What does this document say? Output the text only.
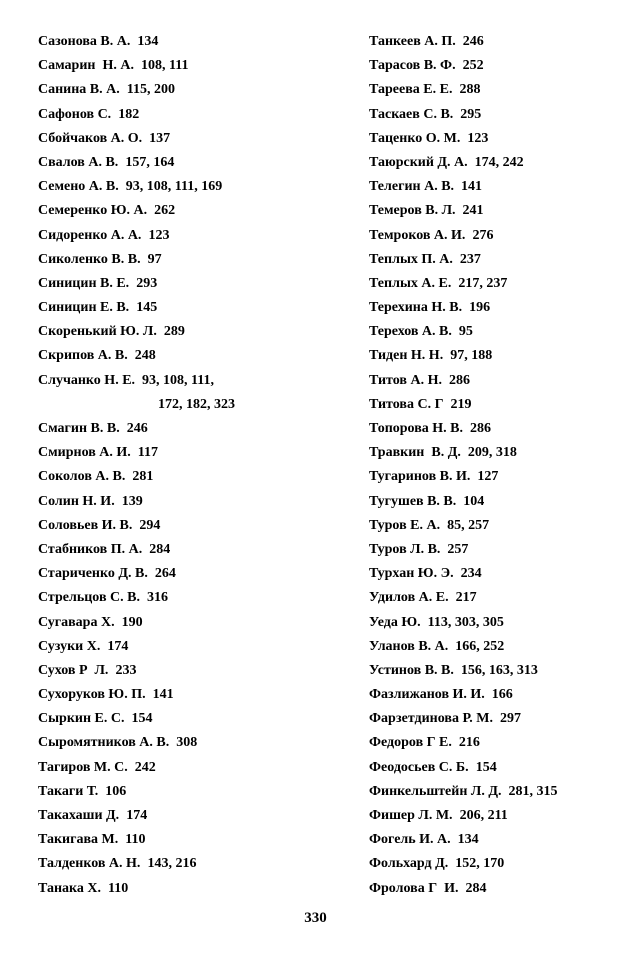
Сазонова В. А. 134
Самарин  Н. А. 108, 111
Санина В. А. 115, 200
Сафонов С. 182
Сбойчаков А. О. 137
Свалов А. В. 157, 164
Семено А. В. 93, 108, 111, 169
Семеренко Ю. А. 262
Сидоренко А. А. 123
Сиколенко В. В. 97
Синицин В. Е. 293
Синицин Е. В. 145
Скоренький Ю. Л. 289
Скрипов А. В. 248
Случанко Н. Е. 93, 108, 111,
172, 182, 323
Смагин В. В. 246
Смирнов А. И. 117
Соколов А. В. 281
Солин Н. И. 139
Соловьев И. В. 294
Стабников П. А. 284
Стариченко Д. В. 264
Стрельцов С. В. 316
Сугавара Х. 190
Сузуки Х. 174
Сухов Р  Л. 233
Сухоруков Ю. П. 141
Сыркин Е. С. 154
Сыромятников А. В. 308
Тагиров М. С. 242
Такаги Т. 106
Такахаши Д. 174
Такигава М. 110
Талденков А. Н. 143, 216
Танака Х. 110
Танкеев А. П. 246
Тарасов В. Ф. 252
Тареева Е. Е. 288
Таскаев С. В. 295
Таценко О. М. 123
Таюрский Д. А. 174, 242
Телегин А. В. 141
Темеров В. Л. 241
Темроков А. И. 276
Теплых П. А. 237
Теплых А. Е. 217, 237
Терехина Н. В. 196
Терехов А. В. 95
Тиден Н. Н. 97, 188
Титов А. Н. 286
Титова С. Г 219
Топорова Н. В. 286
Травкин  В. Д. 209, 318
Тугаринов В. И. 127
Тугушев В. В. 104
Туров Е. А. 85, 257
Туров Л. В. 257
Турхан Ю. Э. 234
Удилов А. Е. 217
Уеда Ю. 113, 303, 305
Уланов В. А. 166, 252
Устинов В. В. 156, 163, 313
Фазлижанов И. И. 166
Фарзетдинова Р. М. 297
Федоров Г Е. 216
Феодосьев С. Б. 154
Финкельштейн Л. Д. 281, 315
Фишер Л. М. 206, 211
Фогель И. А. 134
Фольхард Д. 152, 170
Фролова Г  И. 284
330
